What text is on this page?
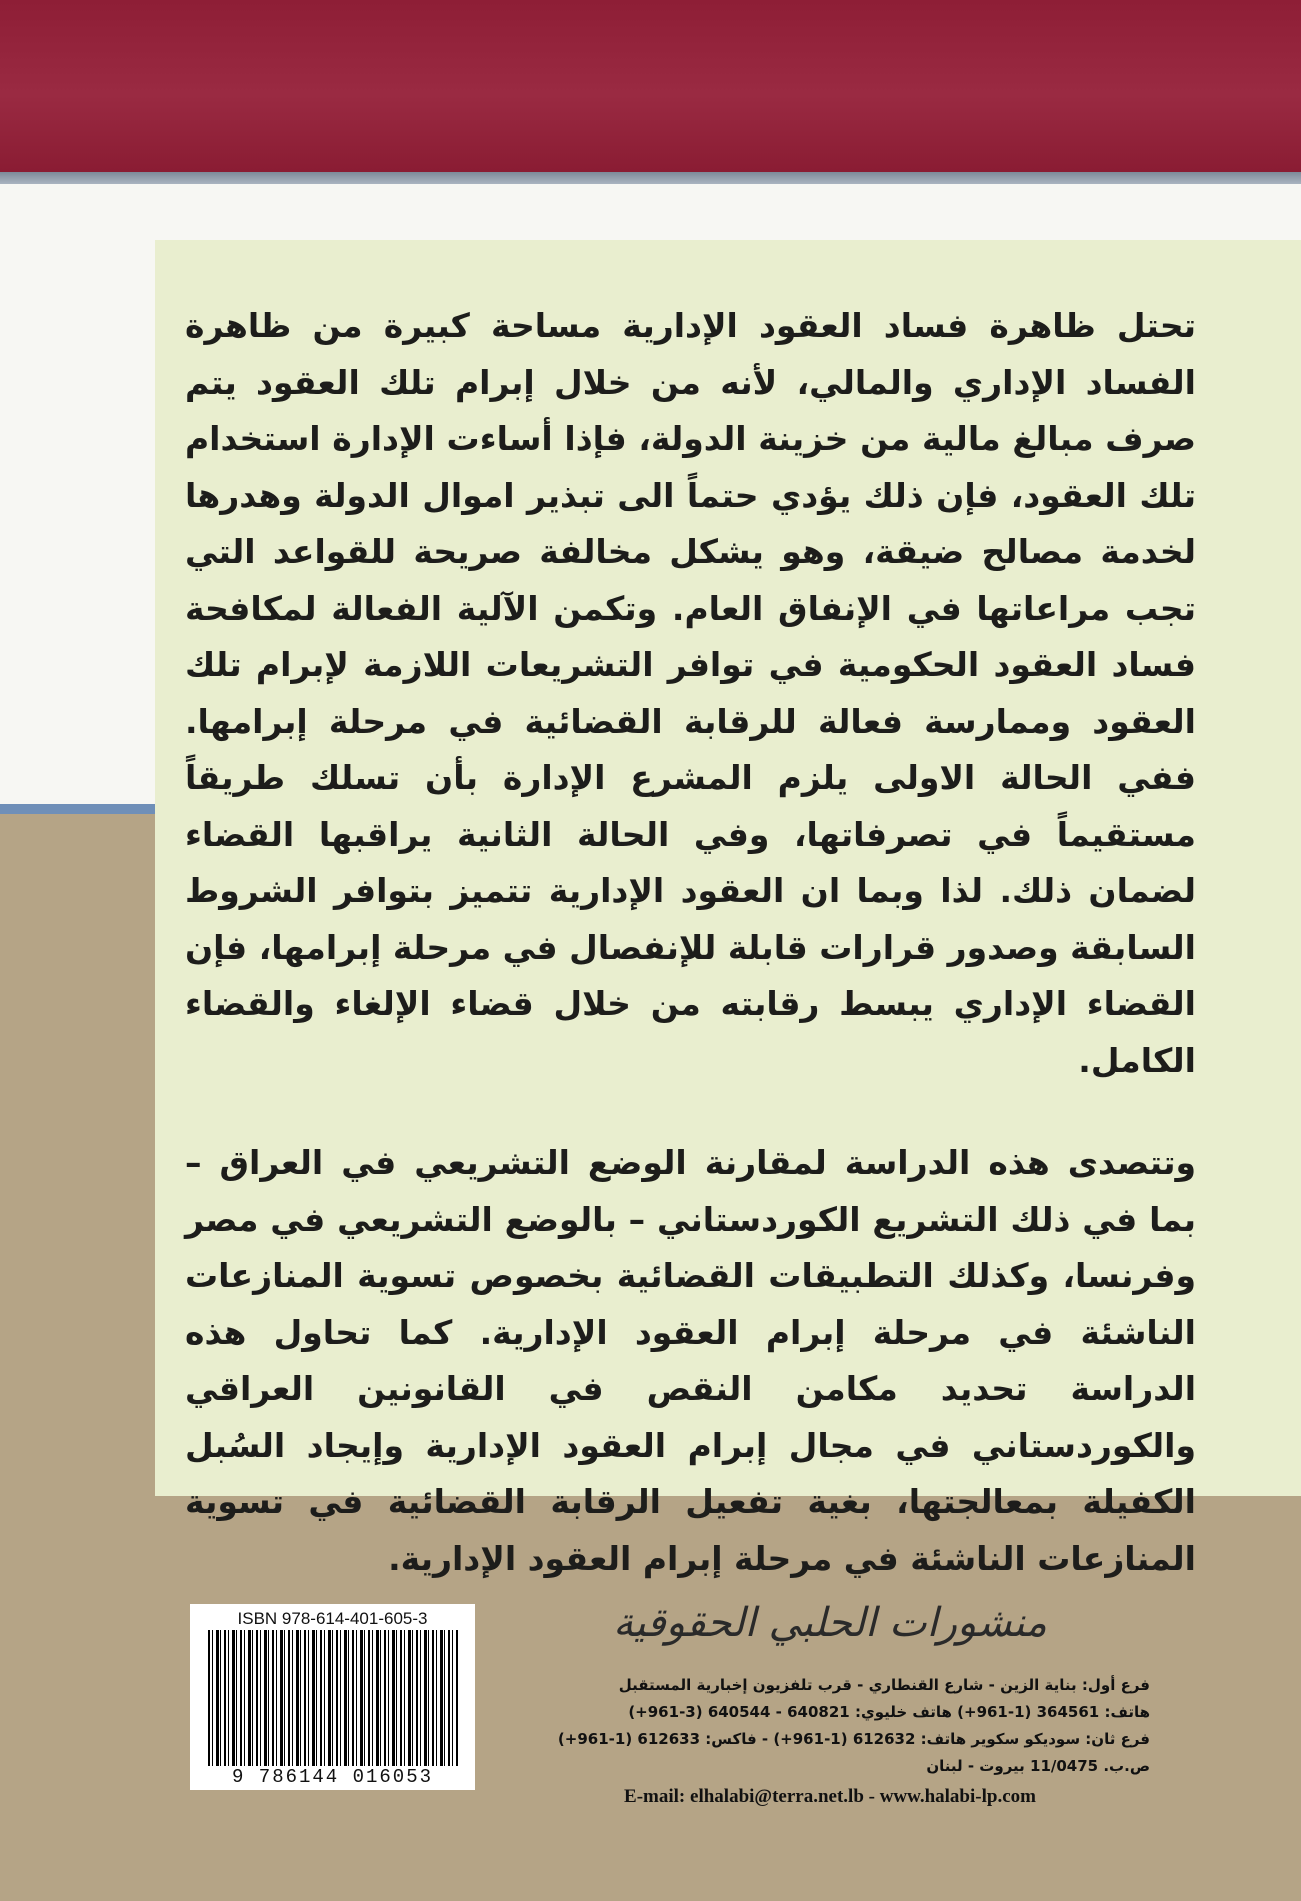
تحتل ظاهرة فساد العقود الإدارية مساحة كبيرة من ظاهرة الفساد الإداري والمالي، لأنه من خلال إبرام تلك العقود يتم صرف مبالغ مالية من خزينة الدولة، فإذا أساءت الإدارة استخدام تلك العقود، فإن ذلك يؤدي حتماً الى تبذير اموال الدولة وهدرها لخدمة مصالح ضيقة، وهو يشكل مخالفة صريحة للقواعد التي تجب مراعاتها في الإنفاق العام. وتكمن الآلية الفعالة لمكافحة فساد العقود الحكومية في توافر التشريعات اللازمة لإبرام تلك العقود وممارسة فعالة للرقابة القضائية في مرحلة إبرامها. ففي الحالة الاولى يلزم المشرع الإدارة بأن تسلك طريقاً مستقيماً في تصرفاتها، وفي الحالة الثانية يراقبها القضاء لضمان ذلك. لذا وبما ان العقود الإدارية تتميز بتوافر الشروط السابقة وصدور قرارات قابلة للإنفصال في مرحلة إبرامها، فإن القضاء الإداري يبسط رقابته من خلال قضاء الإلغاء والقضاء الكامل.

وتتصدى هذه الدراسة لمقارنة الوضع التشريعي في العراق – بما في ذلك التشريع الكوردستاني – بالوضع التشريعي في مصر وفرنسا، وكذلك التطبيقات القضائية بخصوص تسوية المنازعات الناشئة في مرحلة إبرام العقود الإدارية. كما تحاول هذه الدراسة تحديد مكامن النقص في القانونين العراقي والكوردستاني في مجال إبرام العقود الإدارية وإيجاد السُبل الكفيلة بمعالجتها، بغية تفعيل الرقابة القضائية في تسوية المنازعات الناشئة في مرحلة إبرام العقود الإدارية.

ISBN 978-614-401-605-3
9 786144 016053
منشورات الحلبي الحقوقية
فرع أول: بناية الزين - شارع القنطاري - قرب تلفزيون إخبارية المستقبل
هاتف: 364561 (1-961+) هاتف خليوي: 640821 - 640544 (3-961+)
فرع ثان: سوديكو سكوير هاتف: 612632 (1-961+) - فاكس: 612633 (1-961+)
ص.ب. 11/0475 بيروت - لبنان
E-mail: elhalabi@terra.net.lb - www.halabi-lp.com
